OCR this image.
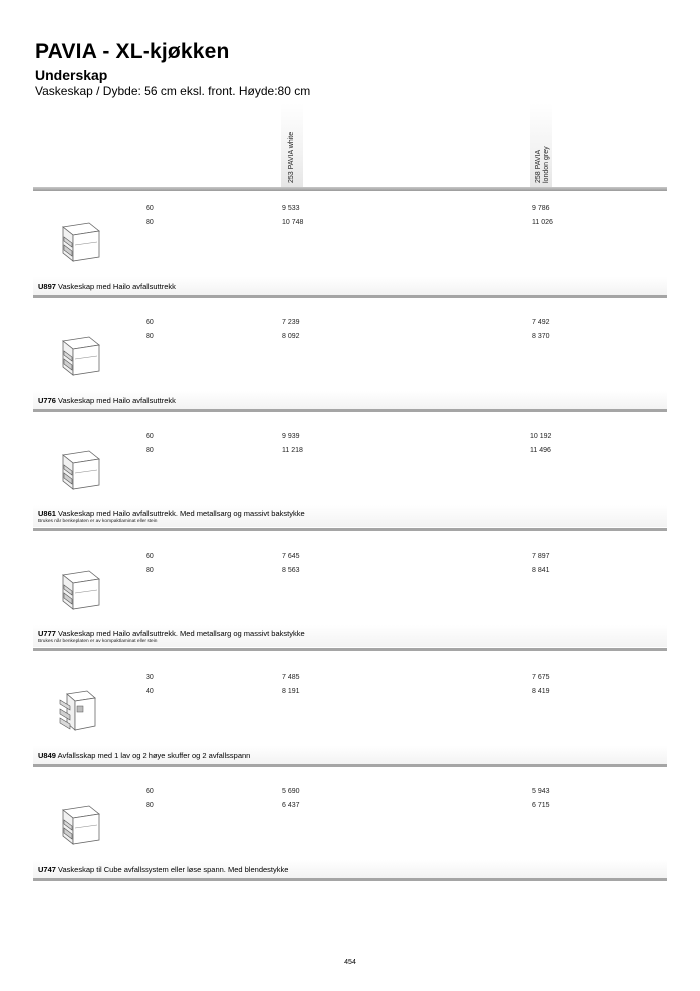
PAVIA - XL-kjøkken
Underskap
Vaskeskap / Dybde: 56 cm eksl. front. Høyde:80 cm
253 PAVIA white	258 PAVIA london grey
60
80
9 533
10 748
9 786
11 026
U897 Vaskeskap med Hailo avfallsuttrekk
60
80
7 239
8 092
7 492
8 370
U776 Vaskeskap med Hailo avfallsuttrekk
60
80
9 939
11 218
10 192
11 496
U861 Vaskeskap med Hailo avfallsuttrekk. Med metallsarg og massivt bakstykke
Brukes når benkeplaten er av kompaktlaminat eller stein
60
80
7 645
8 563
7 897
8 841
U777 Vaskeskap med Hailo avfallsuttrekk. Med metallsarg og massivt bakstykke
Brukes når benkeplaten er av kompaktlaminat eller stein
30
40
7 485
8 191
7 675
8 419
U849 Avfallsskap med 1 lav og 2 høye skuffer og 2 avfallsspann
60
80
5 690
6 437
5 943
6 715
U747 Vaskeskap til Cube avfallssystem eller løse spann. Med blendestykke
454
